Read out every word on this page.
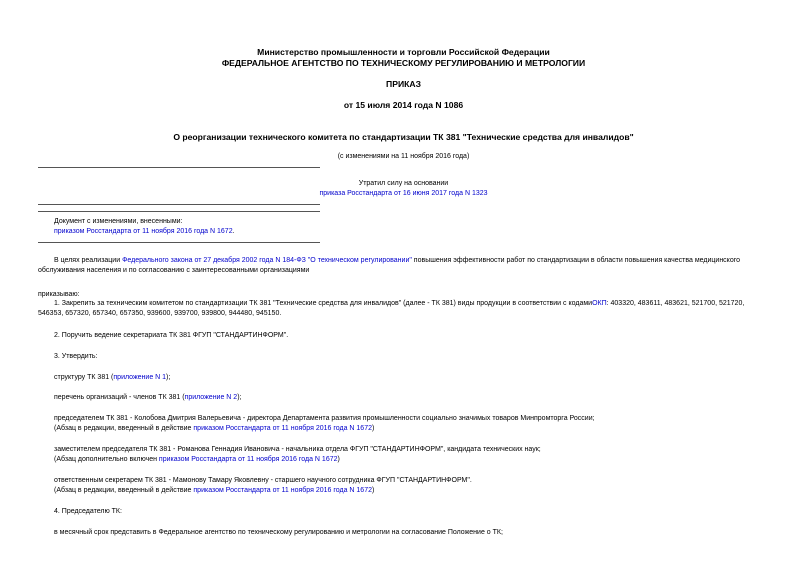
Министерство промышленности и торговли Российской Федерации
ФЕДЕРАЛЬНОЕ АГЕНТСТВО ПО ТЕХНИЧЕСКОМУ РЕГУЛИРОВАНИЮ И МЕТРОЛОГИИ
ПРИКАЗ
от 15 июля 2014 года N 1086
О реорганизации технического комитета по стандартизации ТК 381 "Технические средства для инвалидов"
(с изменениями на 11 ноября 2016 года)
Утратил силу на основании
приказа Росстандарта от 16 июня 2017 года N 1323
Документ с изменениями, внесенными:
приказом Росстандарта от 11 ноября 2016 года N 1672.
В целях реализации Федерального закона от 27 декабря 2002 года N 184-ФЗ "О техническом регулировании" повышения эффективности работ по стандартизации в области повышения качества медицинского обслуживания населения и по согласованию с заинтересованными организациями
приказываю:
1. Закрепить за техническим комитетом по стандартизации ТК 381 "Технические средства для инвалидов" (далее - ТК 381) виды продукции в соответствии с кодамиОКП: 403320, 483611, 483621, 521700, 521720, 546353, 657320, 657340, 657350, 939600, 939700, 939800, 944480, 945150.
2. Поручить ведение секретариата ТК 381 ФГУП "СТАНДАРТИНФОРМ".
3. Утвердить:
структуру ТК 381 (приложение N 1);
перечень организаций - членов ТК 381 (приложение N 2);
председателем ТК 381 - Колобова Дмитрия Валерьевича - директора Департамента развития промышленности социально значимых товаров Минпромторга России;
(Абзац в редакции, введенный в действие приказом Росстандарта от 11 ноября 2016 года N 1672)
заместителем председателя ТК 381 - Романова Геннадия Ивановича - начальника отдела ФГУП "СТАНДАРТИНФОРМ", кандидата технических наук;
(Абзац дополнительно включен приказом Росстандарта от 11 ноября 2016 года N 1672)
ответственным секретарем ТК 381 - Мамонову Тамару Яковлевну - старшего научного сотрудника ФГУП "СТАНДАРТИНФОРМ".
(Абзац в редакции, введенный в действие приказом Росстандарта от 11 ноября 2016 года N 1672)
4. Председателю ТК:
в месячный срок представить в Федеральное агентство по техническому регулированию и метрологии на согласование Положение о ТК;
